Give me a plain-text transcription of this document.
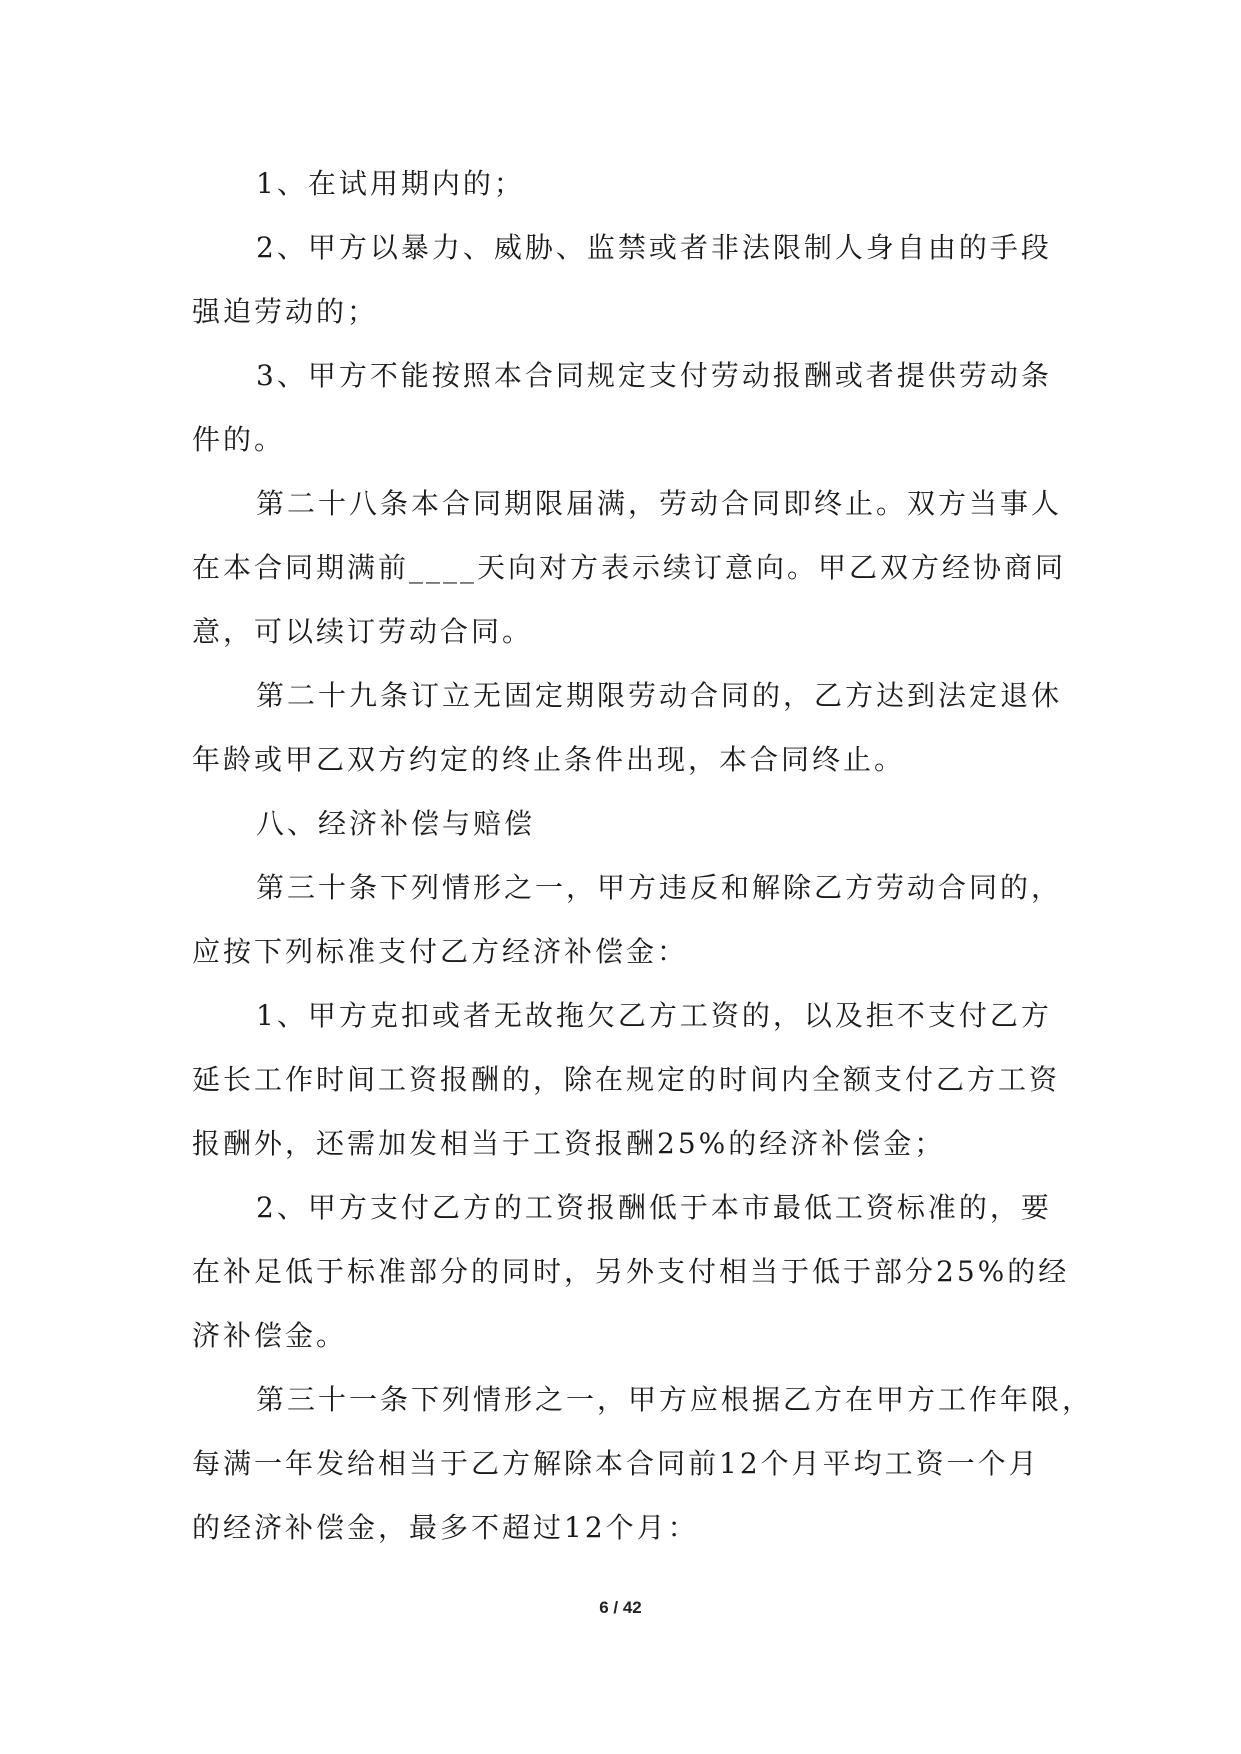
1、在试用期内的；
2、甲方以暴力、威胁、监禁或者非法限制人身自由的手段
强迫劳动的；
3、甲方不能按照本合同规定支付劳动报酬或者提供劳动条
件的。
第二十八条本合同期限届满，劳动合同即终止。双方当事人
在本合同期满前____天向对方表示续订意向。甲乙双方经协商同
意，可以续订劳动合同。
第二十九条订立无固定期限劳动合同的，乙方达到法定退休
年龄或甲乙双方约定的终止条件出现，本合同终止。
八、经济补偿与赔偿
第三十条下列情形之一，甲方违反和解除乙方劳动合同的，
应按下列标准支付乙方经济补偿金：
1、甲方克扣或者无故拖欠乙方工资的，以及拒不支付乙方
延长工作时间工资报酬的，除在规定的时间内全额支付乙方工资
报酬外，还需加发相当于工资报酬25%的经济补偿金；
2、甲方支付乙方的工资报酬低于本市最低工资标准的，要
在补足低于标准部分的同时，另外支付相当于低于部分25%的经
济补偿金。
第三十一条下列情形之一，甲方应根据乙方在甲方工作年限，
每满一年发给相当于乙方解除本合同前12个月平均工资一个月
的经济补偿金，最多不超过12个月：
6 / 42
